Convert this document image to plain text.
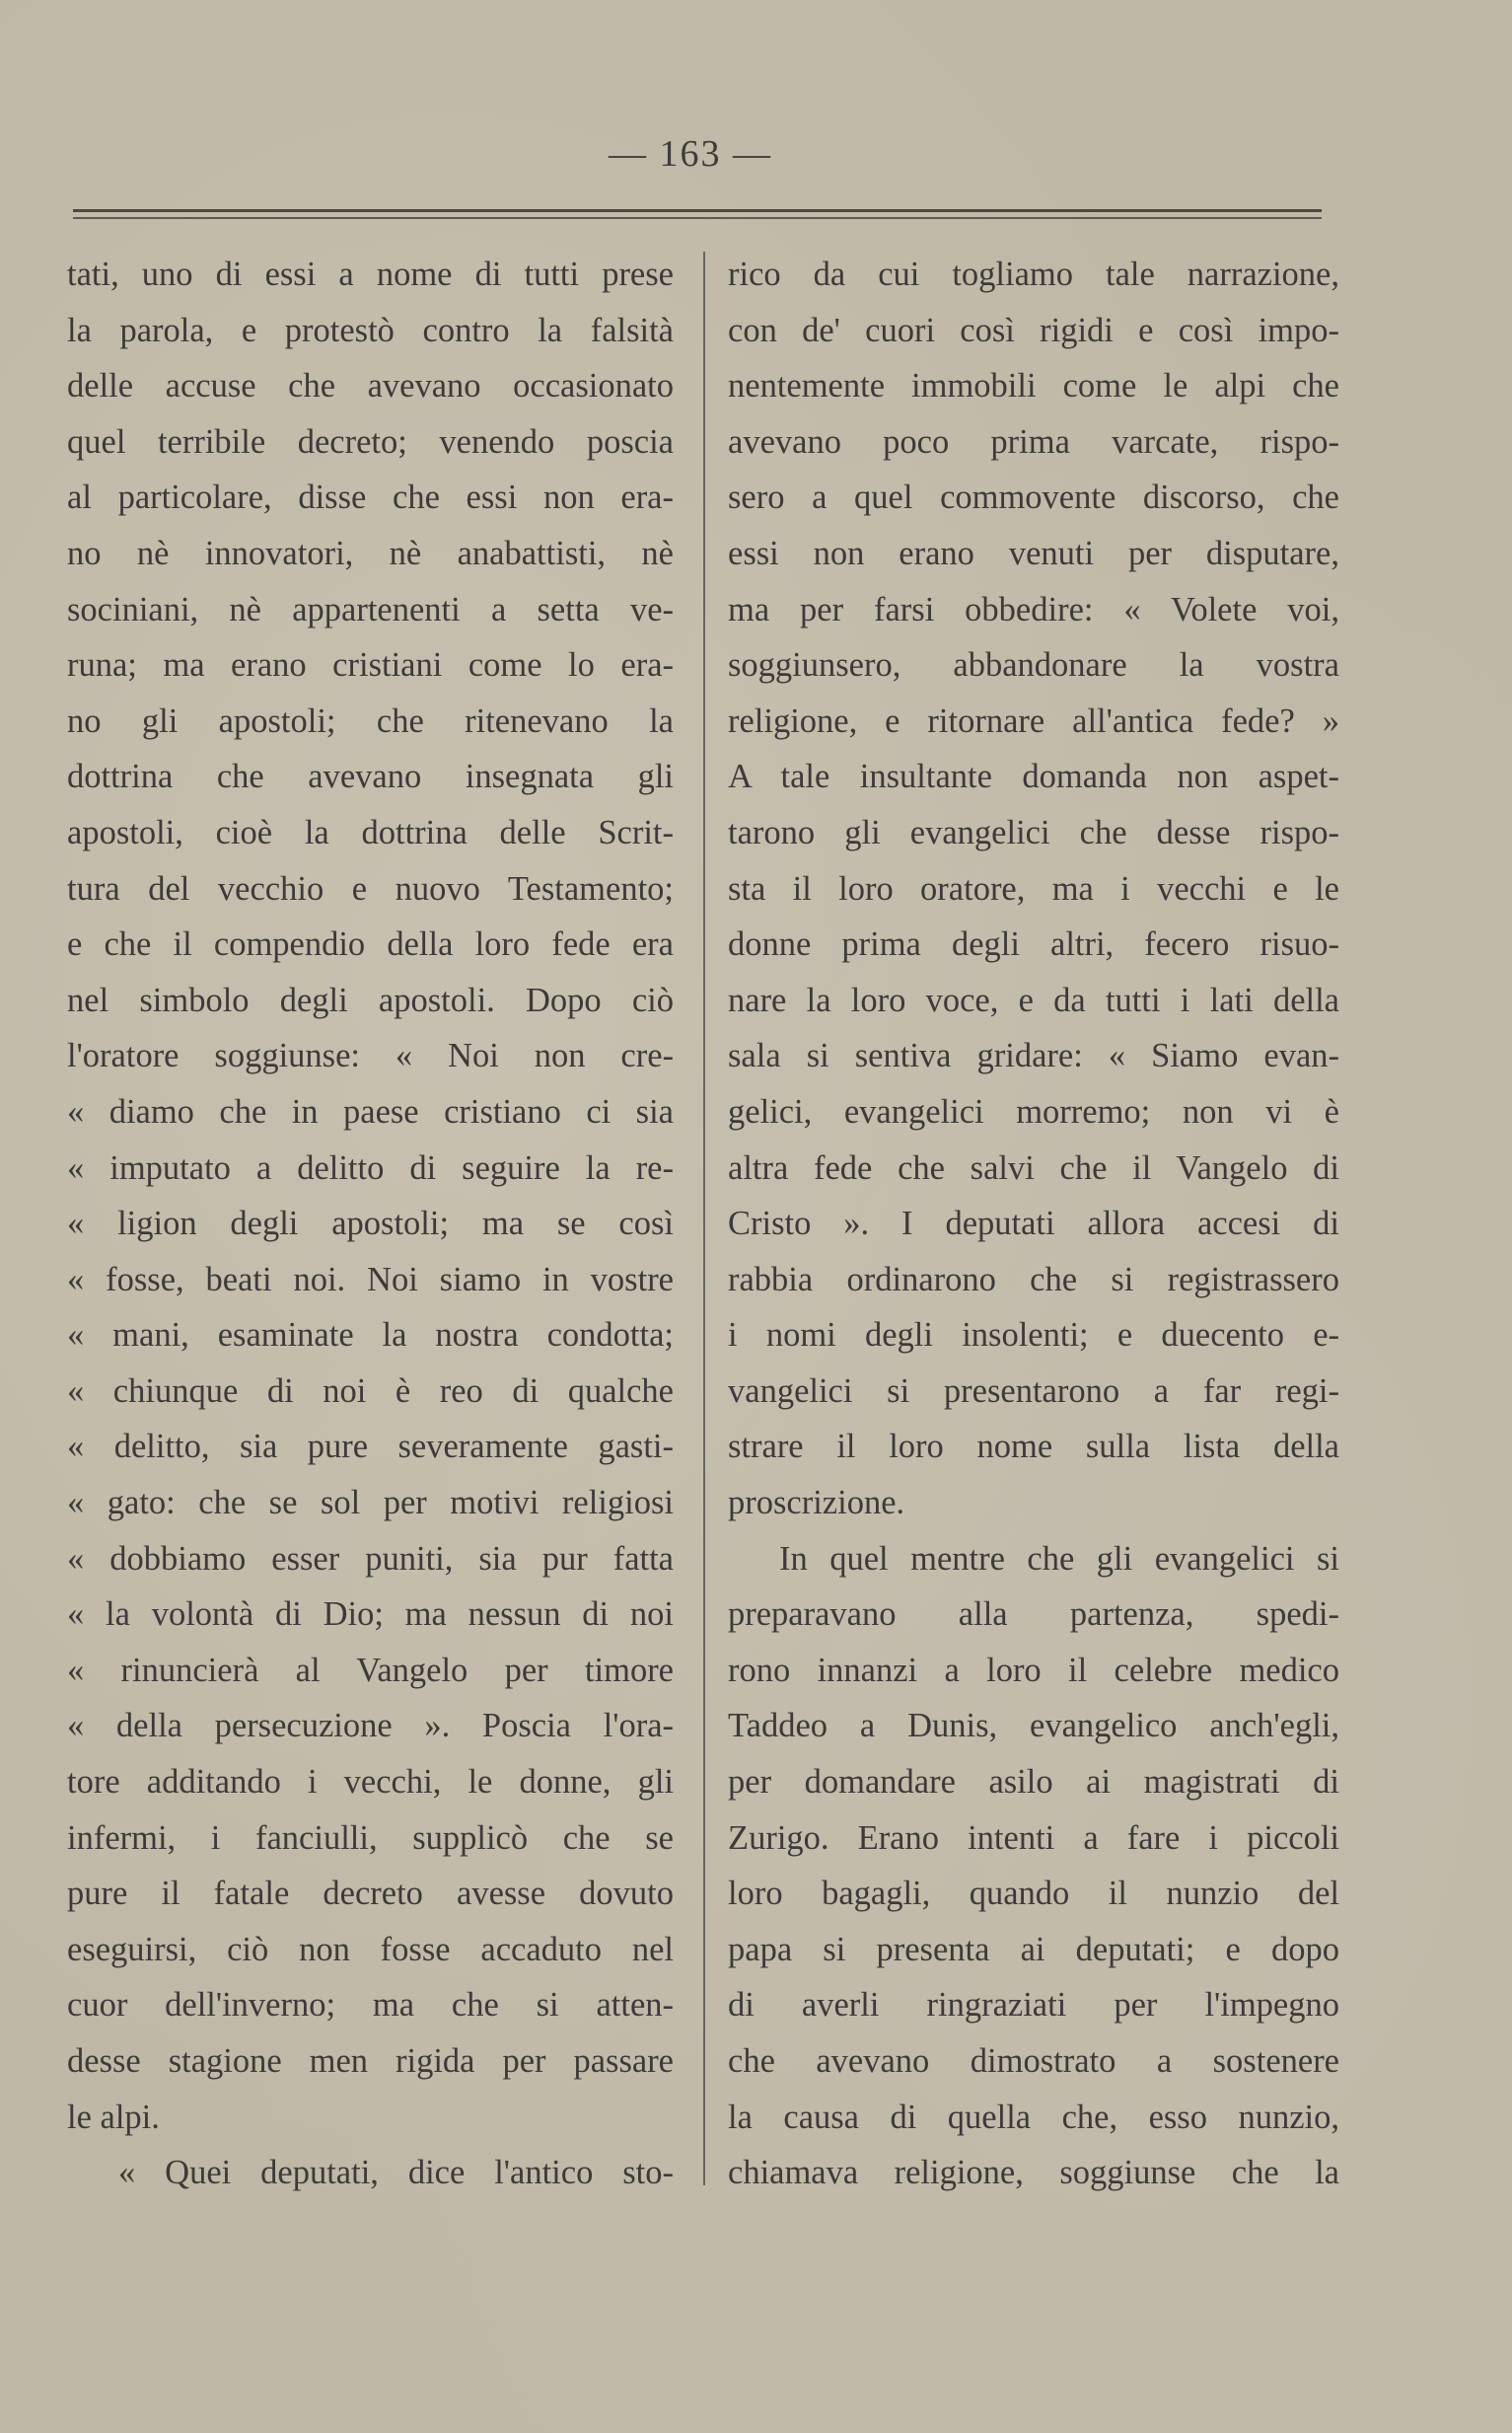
— 163 —
tati, uno di essi a nome di tutti prese
la parola, e protestò contro la falsità
delle accuse che avevano occasionato
quel terribile decreto; venendo poscia
al particolare, disse che essi non era-
no nè innovatori, nè anabattisti, nè
sociniani, nè appartenenti a setta ve-
runa; ma erano cristiani come lo era-
no gli apostoli; che ritenevano la
dottrina che avevano insegnata gli
apostoli, cioè la dottrina delle Scrit-
tura del vecchio e nuovo Testamento;
e che il compendio della loro fede era
nel simbolo degli apostoli. Dopo ciò
l'oratore soggiunse: « Noi non cre-
« diamo che in paese cristiano ci sia
« imputato a delitto di seguire la re-
« ligion degli apostoli; ma se così
« fosse, beati noi. Noi siamo in vostre
« mani, esaminate la nostra condotta;
« chiunque di noi è reo di qualche
« delitto, sia pure severamente gasti-
« gato: che se sol per motivi religiosi
« dobbiamo esser puniti, sia pur fatta
« la volontà di Dio; ma nessun di noi
« rinuncierà al Vangelo per timore
« della persecuzione ». Poscia l'ora-
tore additando i vecchi, le donne, gli
infermi, i fanciulli, supplicò che se
pure il fatale decreto avesse dovuto
eseguirsi, ciò non fosse accaduto nel
cuor dell'inverno; ma che si atten-
desse stagione men rigida per passare
le alpi.
« Quei deputati, dice l'antico sto-
rico da cui togliamo tale narrazione,
con de' cuori così rigidi e così impo-
nentemente immobili come le alpi che
avevano poco prima varcate, rispo-
sero a quel commovente discorso, che
essi non erano venuti per disputare,
ma per farsi obbedire: « Volete voi,
soggiunsero, abbandonare la vostra
religione, e ritornare all'antica fede? »
A tale insultante domanda non aspet-
tarono gli evangelici che desse rispo-
sta il loro oratore, ma i vecchi e le
donne prima degli altri, fecero risuo-
nare la loro voce, e da tutti i lati della
sala si sentiva gridare: « Siamo evan-
gelici, evangelici morremo; non vi è
altra fede che salvi che il Vangelo di
Cristo ». I deputati allora accesi di
rabbia ordinarono che si registrassero
i nomi degli insolenti; e duecento e-
vangelici si presentarono a far regi-
strare il loro nome sulla lista della
proscrizione.
In quel mentre che gli evangelici si
preparavano alla partenza, spedi-
rono innanzi a loro il celebre medico
Taddeo a Dunis, evangelico anch'egli,
per domandare asilo ai magistrati di
Zurigo. Erano intenti a fare i piccoli
loro bagagli, quando il nunzio del
papa si presenta ai deputati; e dopo
di averli ringraziati per l'impegno
che avevano dimostrato a sostenere
la causa di quella che, esso nunzio,
chiamava religione, soggiunse che la
